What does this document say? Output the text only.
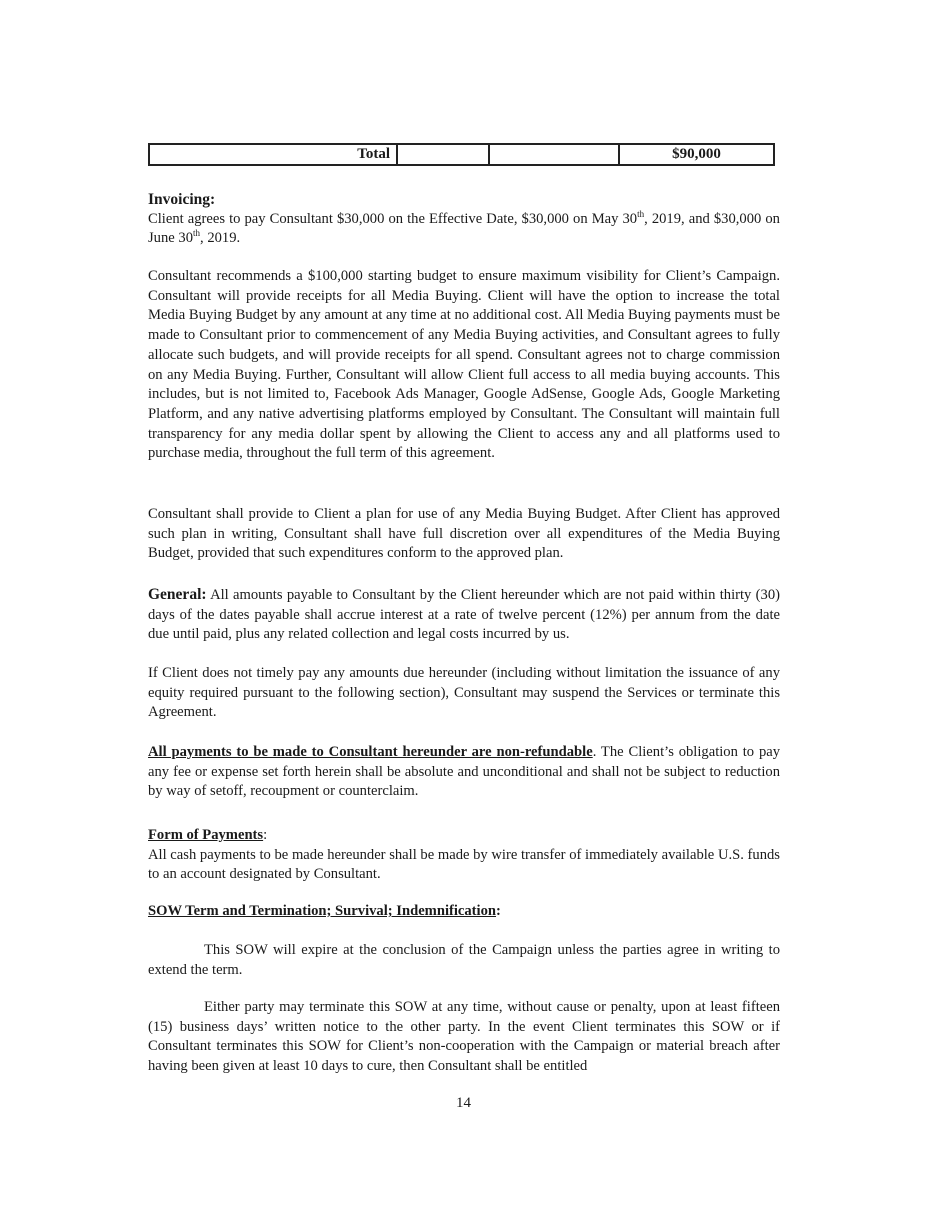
Total			$90,000

Invoicing:

Client agrees to pay Consultant $30,000 on the Effective Date, $30,000 on May 30th, 2019, and $30,000 on June 30th, 2019.

Consultant recommends a $100,000 starting budget to ensure maximum visibility for Client’s Campaign. Consultant will provide receipts for all Media Buying. Client will have the option to increase the total Media Buying Budget by any amount at any time at no additional cost. All Media Buying payments must be made to Consultant prior to commencement of any Media Buying activities, and Consultant agrees to fully allocate such budgets, and will provide receipts for all spend. Consultant agrees not to charge commission on any Media Buying. Further, Consultant will allow Client full access to all media buying accounts. This includes, but is not limited to, Facebook Ads Manager, Google AdSense, Google Ads, Google Marketing Platform, and any native advertising platforms employed by Consultant. The Consultant will maintain full transparency for any media dollar spent by allowing the Client to access any and all platforms used to purchase media, throughout the full term of this agreement.
Consultant shall provide to Client a plan for use of any Media Buying Budget. After Client has approved such plan in writing, Consultant shall have full discretion over all expenditures of the Media Buying Budget, provided that such expenditures conform to the approved plan.
General: All amounts payable to Consultant by the Client hereunder which are not paid within thirty (30) days of the dates payable shall accrue interest at a rate of twelve percent (12%) per annum from the date due until paid, plus any related collection and legal costs incurred by us.
If Client does not timely pay any amounts due hereunder (including without limitation the issuance of any equity required pursuant to the following section), Consultant may suspend the Services or terminate this Agreement.
All payments to be made to Consultant hereunder are non-refundable. The Client’s obligation to pay any fee or expense set forth herein shall be absolute and unconditional and shall not be subject to reduction by way of setoff, recoupment or counterclaim.

Form of Payments:

All cash payments to be made hereunder shall be made by wire transfer of immediately available U.S. funds to an account designated by Consultant.

SOW Term and Termination; Survival; Indemnification:
This SOW will expire at the conclusion of the Campaign unless the parties agree in writing to extend the term.
Either party may terminate this SOW at any time, without cause or penalty, upon at least fifteen (15) business days’ written notice to the other party. In the event Client terminates this SOW or if Consultant terminates this SOW for Client’s non-cooperation with the Campaign or material breach after having been given at least 10 days to cure, then Consultant shall be entitled
14
